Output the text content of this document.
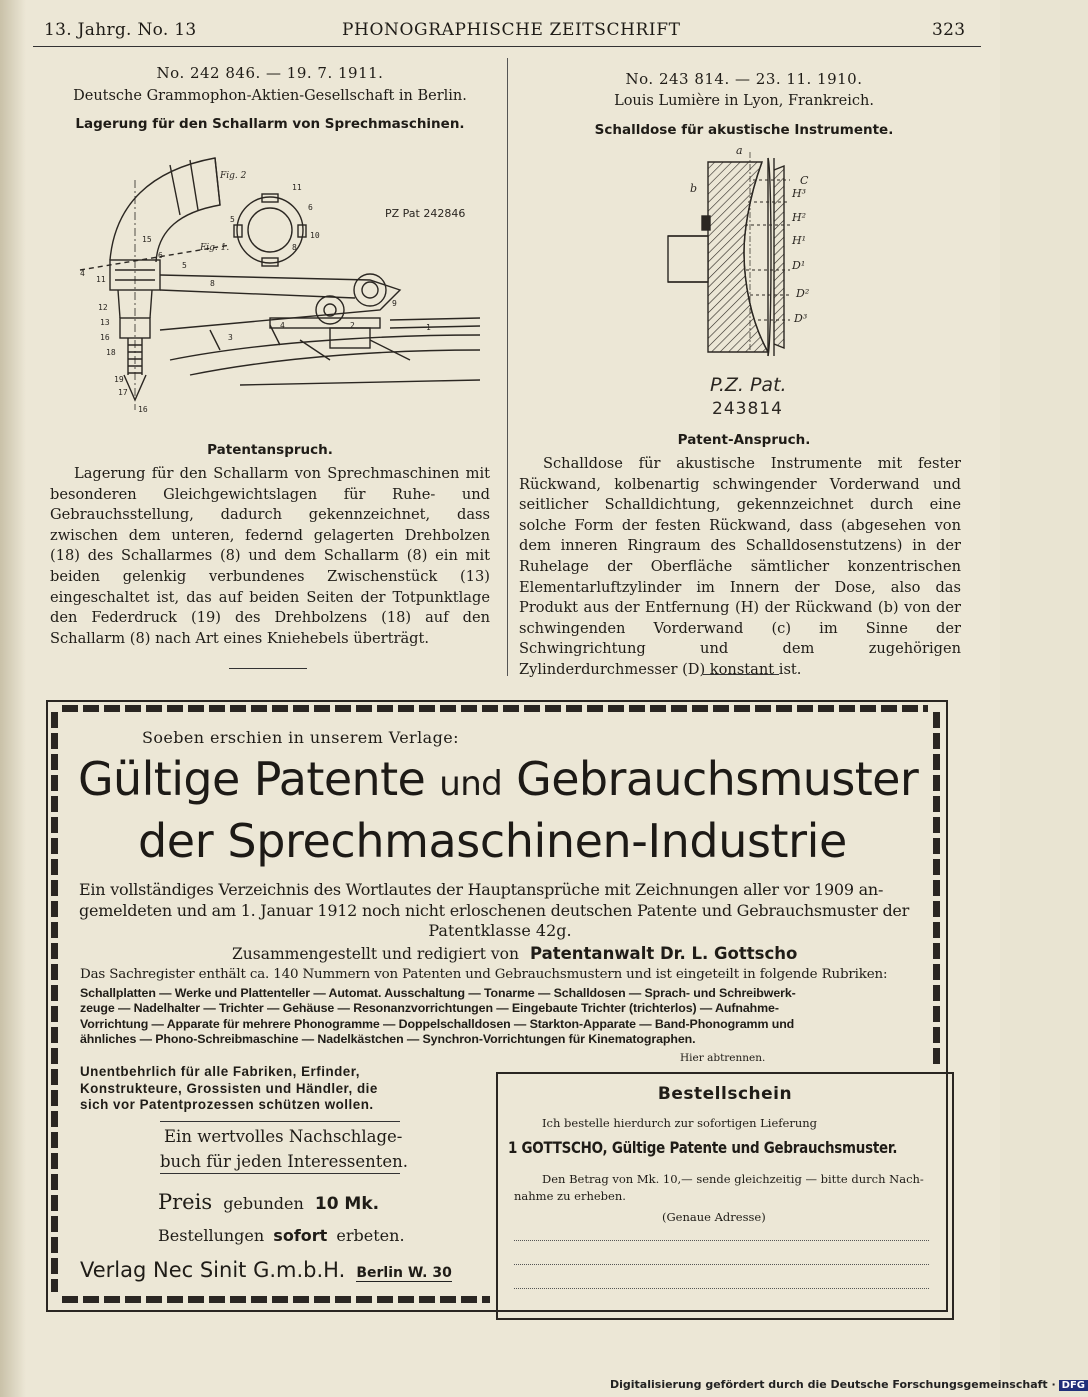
13. Jahrg. No. 13	PHONOGRAPHISCHE ZEITSCHRIFT	323
No. 242 846. — 19. 7. 1911.
Deutsche Grammophon-Aktien-Gesellschaft in Berlin.
Lagerung für den Schallarm von Sprechmaschinen.
Fig. 2
Fig. 1.
4
11
6
5
8
8
6
11
5
15
12
13
16
18
19
17
16
3
4	2	1
9
10
PZ Pat 242846
Patentanspruch.

Lagerung für den Schallarm von Sprechmaschinen mit besonderen Gleichgewichtslagen für Ruhe- und Gebrauchsstellung, dadurch gekennzeichnet, dass zwischen dem unteren, federnd gelagerten Drehbolzen (18) des Schallarmes (8) und dem Schallarm (8) ein mit beiden gelenkig verbundenes Zwischenstück (13) eingeschaltet ist, das auf beiden Seiten der Totpunktlage den Federdruck (19) des Drehbolzens (18) auf den Schallarm (8) nach Art eines Kniehebels überträgt.

No. 243 814. — 23. 11. 1910.
Louis Lumière in Lyon, Frankreich.
Schalldose für akustische Instrumente.
a
b
C
H³
H²
H¹
D¹
D²
D³
P.Z. Pat.
243814
Patent-Anspruch.

Schalldose für akustische Instrumente mit fester Rückwand, kolbenartig schwingender Vorderwand und seitlicher Schalldichtung, gekennzeichnet durch eine solche Form der festen Rückwand, dass (abgesehen von dem inneren Ringraum des Schalldosenstutzens) in der Ruhelage der Oberfläche sämtlicher konzentrischen Elementarluftzylinder im Innern der Dose, also das Produkt aus der Entfernung (H) der Rückwand (b) von der schwingenden Vorderwand (c) im Sinne der Schwingrichtung und dem zugehörigen Zylinderdurchmesser (D) konstant ist.

Soeben erschien in unserem Verlage:
Gültige Patente und Gebrauchsmuster
der Sprechmaschinen-Industrie
Ein vollständiges Verzeichnis des Wortlautes der Hauptansprüche mit Zeichnungen aller vor 1909 an-
gemeldeten und am 1. Januar 1912 noch nicht erloschenen deutschen Patente und Gebrauchsmuster der
Patentklasse 42g.
Zusammengestellt und redigiert von Patentanwalt Dr. L. Gottscho
Das Sachregister enthält ca. 140 Nummern von Patenten und Gebrauchsmustern und ist eingeteilt in folgende Rubriken:
Schallplatten — Werke und Plattenteller — Automat. Ausschaltung — Tonarme — Schalldosen — Sprach- und Schreibwerk-
zeuge — Nadelhalter — Trichter — Gehäuse — Resonanzvorrichtungen — Eingebaute Trichter (trichterlos) — Aufnahme-
Vorrichtung — Apparate für mehrere Phonogramme — Doppelschalldosen — Starkton-Apparate — Band-Phonogramm und
ähnliches — Phono-Schreibmaschine — Nadelkästchen — Synchron-Vorrichtungen für Kinematographen.
Hier abtrennen.
Unentbehrlich für alle Fabriken, Erfinder,
Konstrukteure, Grossisten und Händler, die
sich vor Patentprozessen schützen wollen.
Ein wertvolles Nachschlage-
buch für jeden Interessenten.
Preis gebunden 10 Mk.
Bestellungen sofort erbeten.
Verlag Nec Sinit G.m.b.H. Berlin W. 30
Bestellschein
Ich bestelle hierdurch zur sofortigen Lieferung
1 GOTTSCHO, Gültige Patente und Gebrauchsmuster.
Den Betrag von Mk. 10,— sende gleichzeitig — bitte durch Nach-
nahme zu erheben.
(Genaue Adresse)
Digitalisierung gefördert durch die Deutsche Forschungsgemeinschaft · DFG
